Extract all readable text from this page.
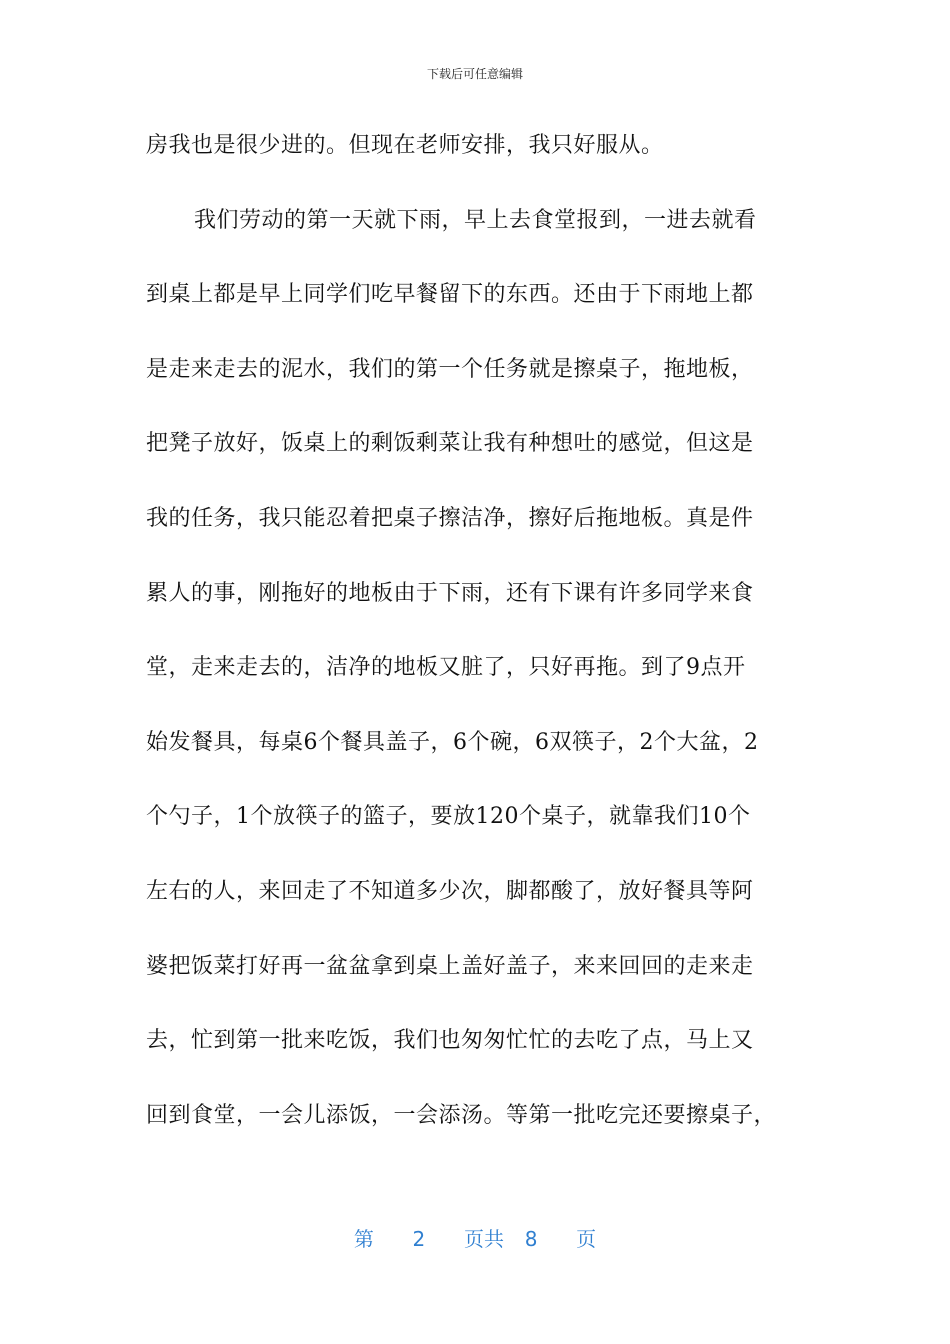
下载后可任意编辑
房我也是很少进的。但现在老师安排，我只好服从。
我们劳动的第一天就下雨，早上去食堂报到，一进去就看
到桌上都是早上同学们吃早餐留下的东西。还由于下雨地上都
是走来走去的泥水，我们的第一个任务就是擦桌子，拖地板，
把凳子放好，饭桌上的剩饭剩菜让我有种想吐的感觉，但这是
我的任务，我只能忍着把桌子擦洁净，擦好后拖地板。真是件
累人的事，刚拖好的地板由于下雨，还有下课有许多同学来食
堂，走来走去的，洁净的地板又脏了，只好再拖。到了9点开
始发餐具，每桌6个餐具盖子，6个碗，6双筷子，2个大盆，2
个勺子，1个放筷子的篮子，要放120个桌子，就靠我们10个
左右的人，来回走了不知道多少次，脚都酸了，放好餐具等阿
婆把饭菜打好再一盆盆拿到桌上盖好盖子，来来回回的走来走
去，忙到第一批来吃饭，我们也匆匆忙忙的去吃了点，马上又
回到食堂，一会儿添饭，一会添汤。等第一批吃完还要擦桌子，
第 2 页共 8 页
